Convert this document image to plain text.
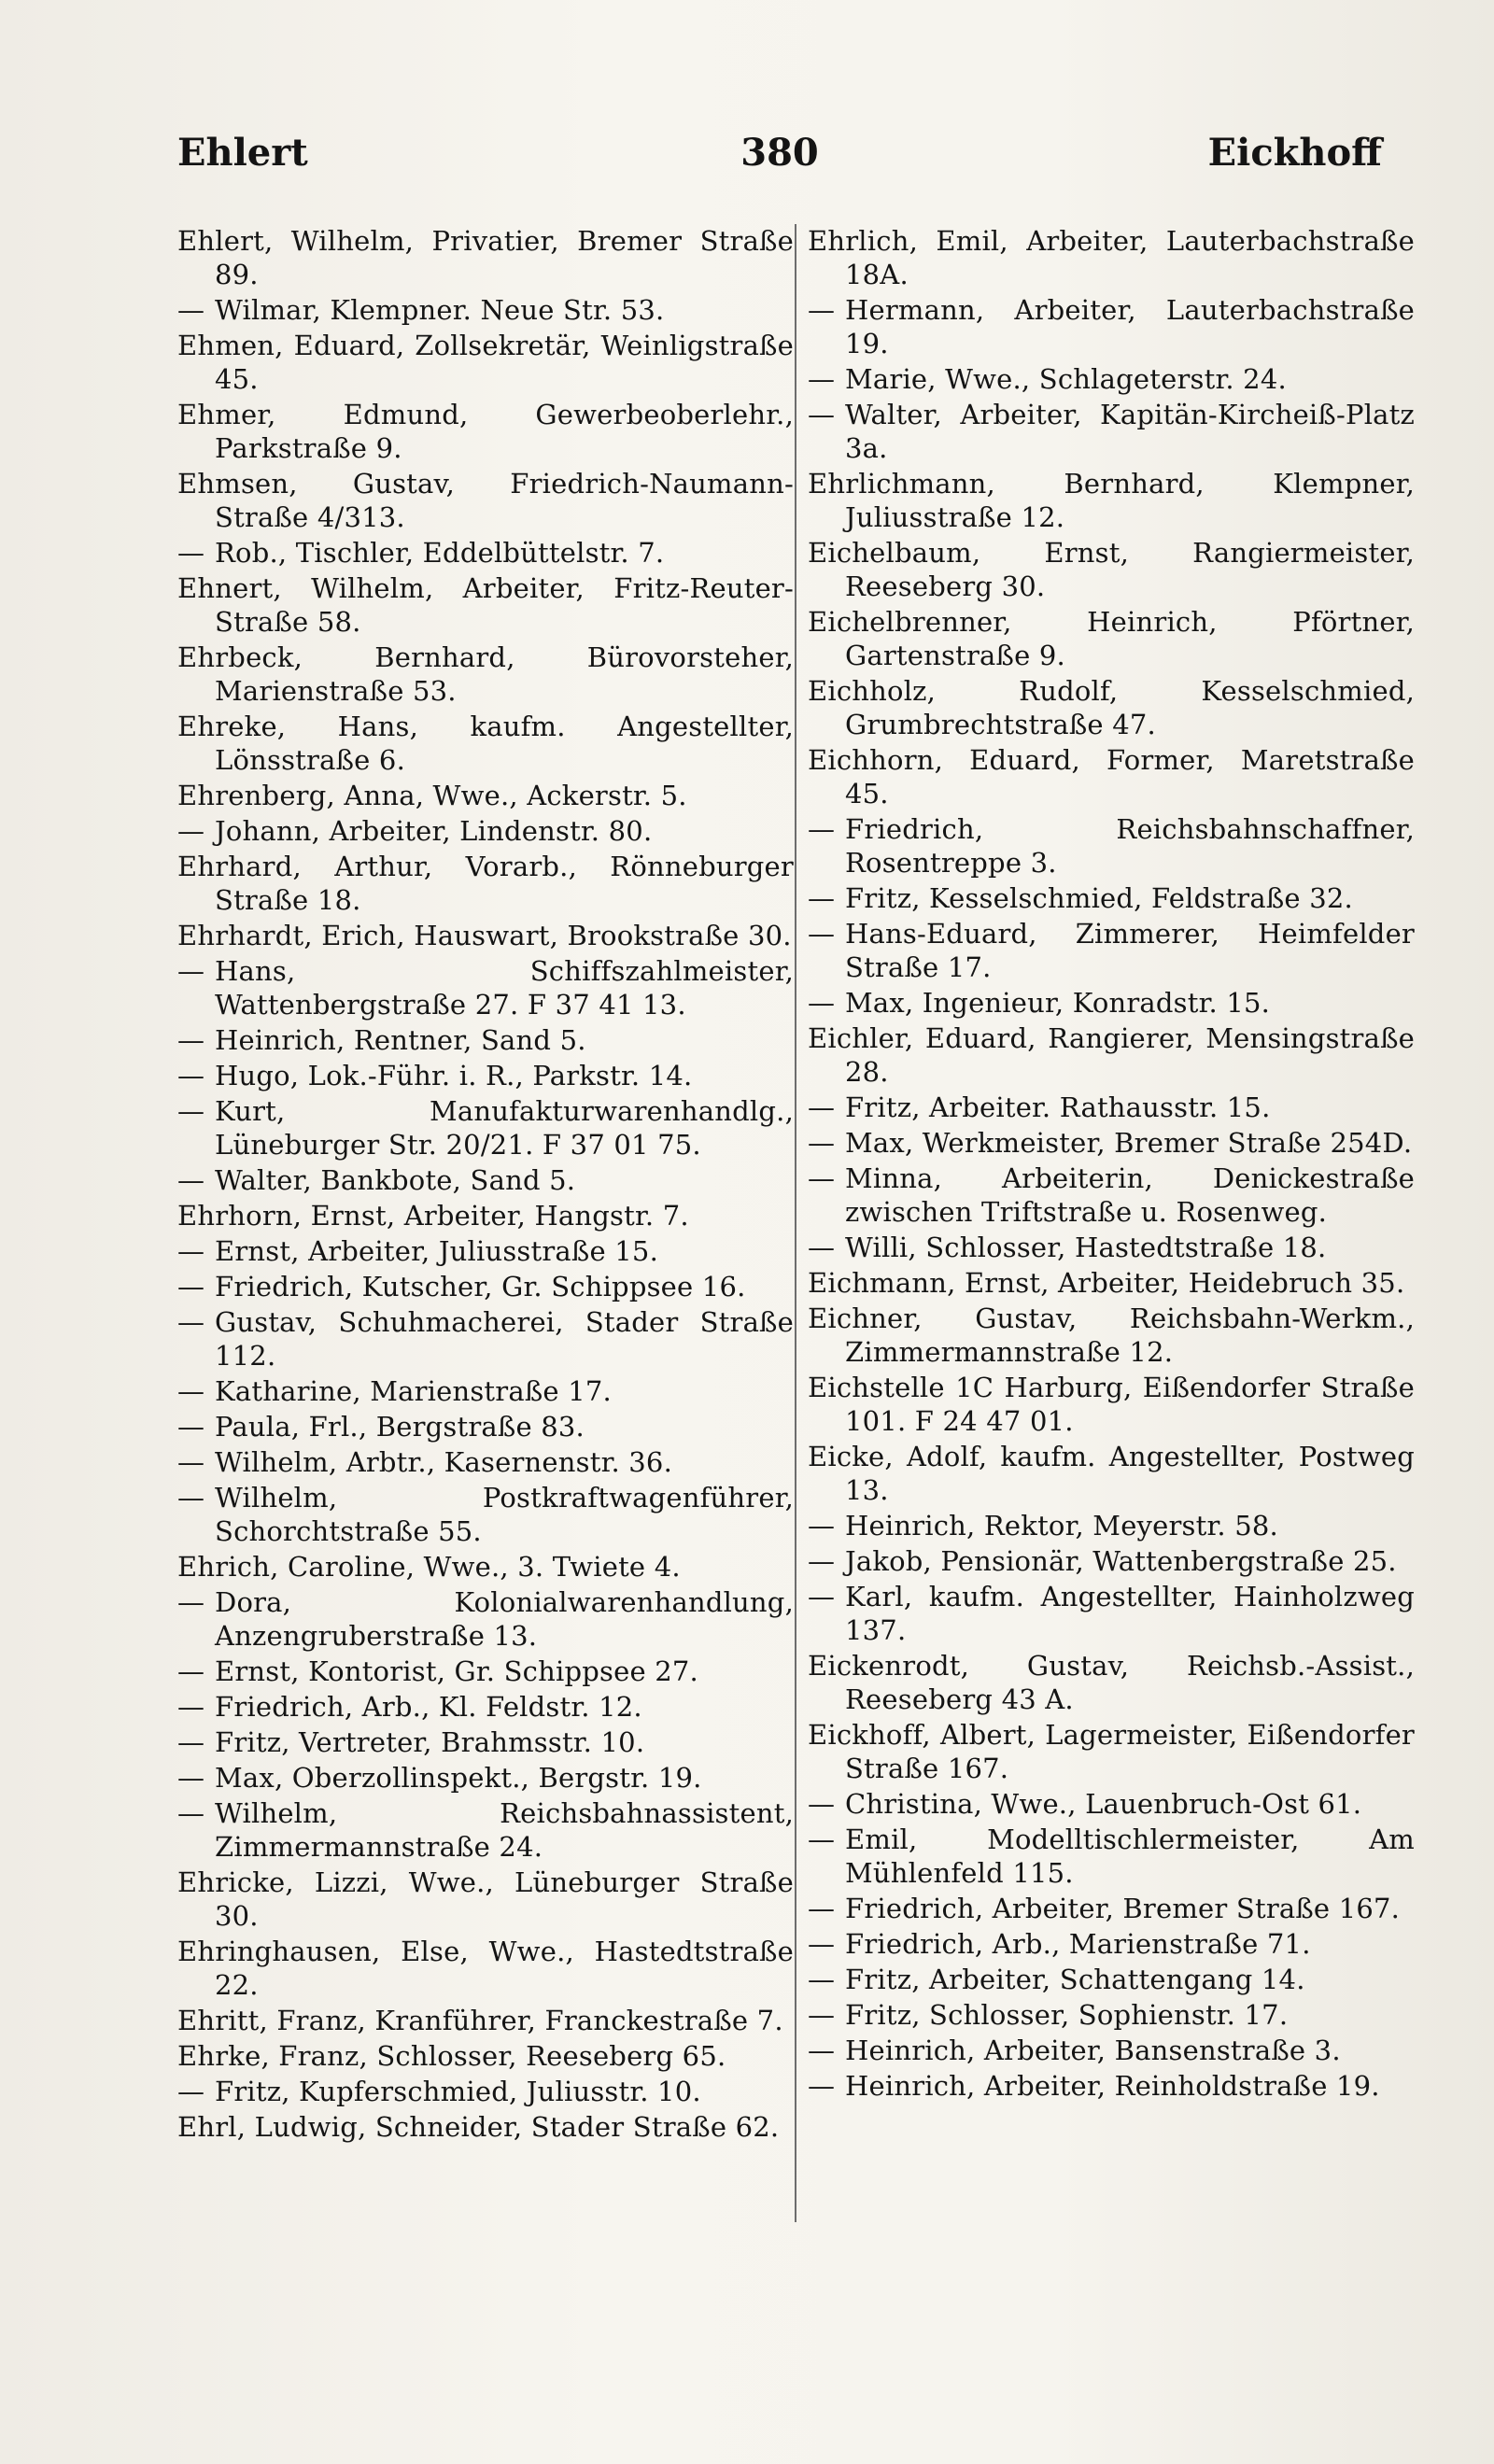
Ehlert	380	Eickhoff
Ehlert, Wilhelm, Privatier, Bremer Straße 89.
— Wilmar, Klempner. Neue Str. 53.
Ehmen, Eduard, Zollsekretär, Weinligstraße 45.
Ehmer, Edmund, Gewerbeoberlehr., Parkstraße 9.
Ehmsen, Gustav, Friedrich-Naumann-Straße 4/313.
— Rob., Tischler, Eddelbüttelstr. 7.
Ehnert, Wilhelm, Arbeiter, Fritz-Reuter-Straße 58.
Ehrbeck, Bernhard, Bürovorsteher, Marienstraße 53.
Ehreke, Hans, kaufm. Angestellter, Lönsstraße 6.
Ehrenberg, Anna, Wwe., Ackerstr. 5.
— Johann, Arbeiter, Lindenstr. 80.
Ehrhard, Arthur, Vorarb., Rönneburger Straße 18.
Ehrhardt, Erich, Hauswart, Brookstraße 30.
— Hans, Schiffszahlmeister, Wattenbergstraße 27. F 37 41 13.
— Heinrich, Rentner, Sand 5.
— Hugo, Lok.-Führ. i. R., Parkstr. 14.
— Kurt, Manufakturwarenhandlg., Lüneburger Str. 20/21. F 37 01 75.
— Walter, Bankbote, Sand 5.
Ehrhorn, Ernst, Arbeiter, Hangstr. 7.
— Ernst, Arbeiter, Juliusstraße 15.
— Friedrich, Kutscher, Gr. Schippsee 16.
— Gustav, Schuhmacherei, Stader Straße 112.
— Katharine, Marienstraße 17.
— Paula, Frl., Bergstraße 83.
— Wilhelm, Arbtr., Kasernenstr. 36.
— Wilhelm, Postkraftwagenführer, Schorchtstraße 55.
Ehrich, Caroline, Wwe., 3. Twiete 4.
— Dora, Kolonialwarenhandlung, Anzengruberstraße 13.
— Ernst, Kontorist, Gr. Schippsee 27.
— Friedrich, Arb., Kl. Feldstr. 12.
— Fritz, Vertreter, Brahmsstr. 10.
— Max, Oberzollinspekt., Bergstr. 19.
— Wilhelm, Reichsbahnassistent, Zimmermannstraße 24.
Ehricke, Lizzi, Wwe., Lüneburger Straße 30.
Ehringhausen, Else, Wwe., Hastedtstraße 22.
Ehritt, Franz, Kranführer, Franckestraße 7.
Ehrke, Franz, Schlosser, Reeseberg 65.
— Fritz, Kupferschmied, Juliusstr. 10.
Ehrl, Ludwig, Schneider, Stader Straße 62.
Ehrlich, Emil, Arbeiter, Lauterbachstraße 18A.
— Hermann, Arbeiter, Lauterbachstraße 19.
— Marie, Wwe., Schlageterstr. 24.
— Walter, Arbeiter, Kapitän-Kircheiß-Platz 3a.
Ehrlichmann, Bernhard, Klempner, Juliusstraße 12.
Eichelbaum, Ernst, Rangiermeister, Reeseberg 30.
Eichelbrenner, Heinrich, Pförtner, Gartenstraße 9.
Eichholz, Rudolf, Kesselschmied, Grumbrechtstraße 47.
Eichhorn, Eduard, Former, Maretstraße 45.
— Friedrich, Reichsbahnschaffner, Rosentreppe 3.
— Fritz, Kesselschmied, Feldstraße 32.
— Hans-Eduard, Zimmerer, Heimfelder Straße 17.
— Max, Ingenieur, Konradstr. 15.
Eichler, Eduard, Rangierer, Mensingstraße 28.
— Fritz, Arbeiter. Rathausstr. 15.
— Max, Werkmeister, Bremer Straße 254D.
— Minna, Arbeiterin, Denickestraße zwischen Triftstraße u. Rosenweg.
— Willi, Schlosser, Hastedtstraße 18.
Eichmann, Ernst, Arbeiter, Heidebruch 35.
Eichner, Gustav, Reichsbahn-Werkm., Zimmermannstraße 12.
Eichstelle 1C Harburg, Eißendorfer Straße 101. F 24 47 01.
Eicke, Adolf, kaufm. Angestellter, Postweg 13.
— Heinrich, Rektor, Meyerstr. 58.
— Jakob, Pensionär, Wattenbergstraße 25.
— Karl, kaufm. Angestellter, Hainholzweg 137.
Eickenrodt, Gustav, Reichsb.-Assist., Reeseberg 43 A.
Eickhoff, Albert, Lagermeister, Eißendorfer Straße 167.
— Christina, Wwe., Lauenbruch-Ost 61.
— Emil, Modelltischlermeister, Am Mühlenfeld 115.
— Friedrich, Arbeiter, Bremer Straße 167.
— Friedrich, Arb., Marienstraße 71.
— Fritz, Arbeiter, Schattengang 14.
— Fritz, Schlosser, Sophienstr. 17.
— Heinrich, Arbeiter, Bansenstraße 3.
— Heinrich, Arbeiter, Reinholdstraße 19.
